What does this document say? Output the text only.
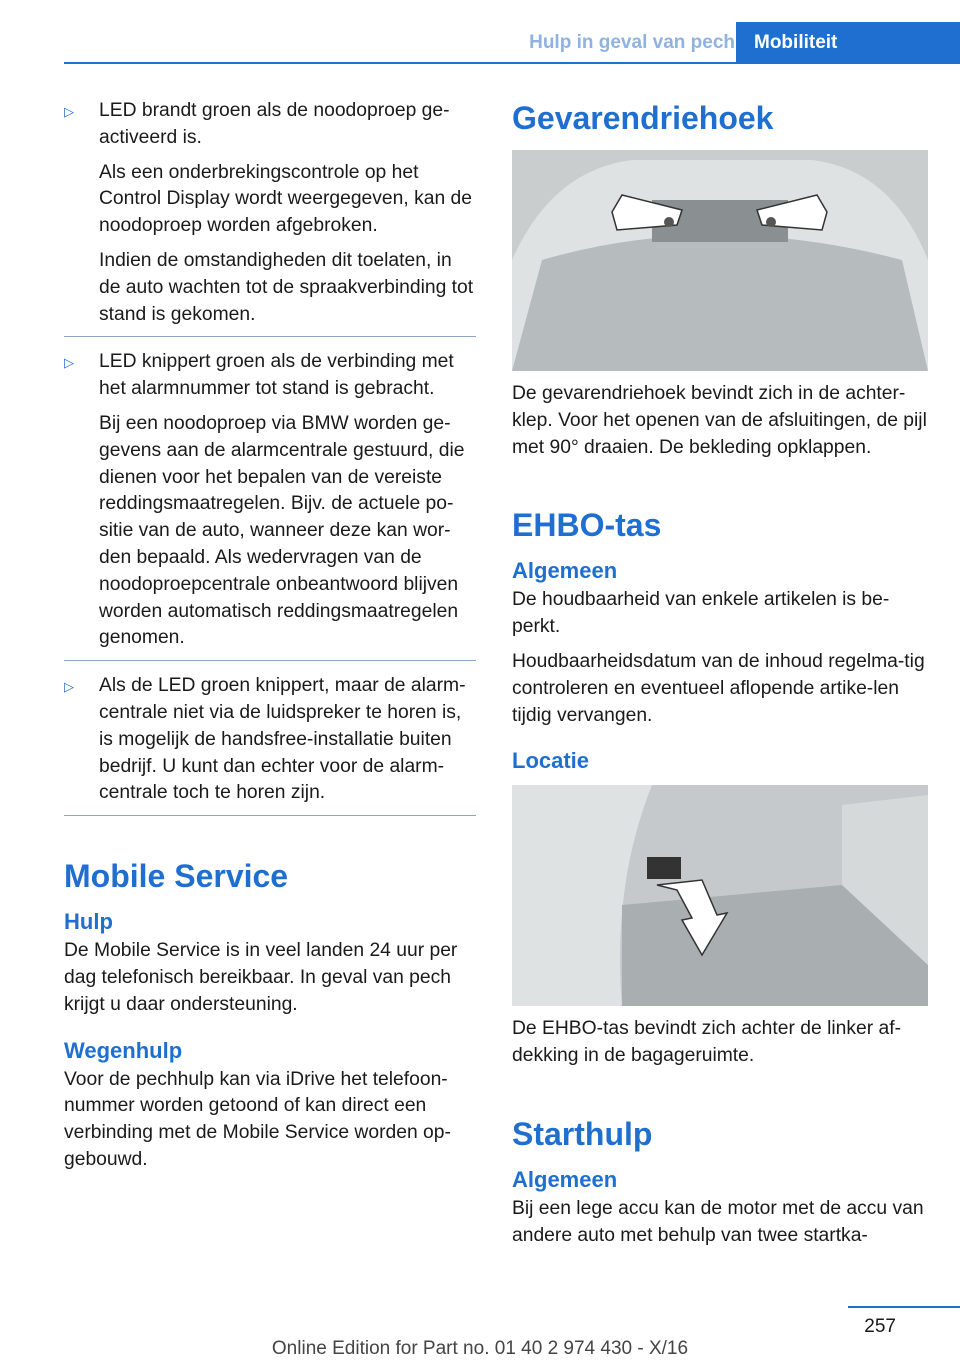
Hulp in geval van pech	Mobiliteit
▷ LED brandt groen als de noodoproep ge-activeerd is.

Als een onderbrekingscontrole op het Control Display wordt weergegeven, kan de noodoproep worden afgebroken.

Indien de omstandigheden dit toelaten, in de auto wachten tot de spraakverbinding tot stand is gekomen.

▷ LED knippert groen als de verbinding met het alarmnummer tot stand is gebracht.

Bij een noodoproep via BMW worden ge-gevens aan de alarmcentrale gestuurd, die dienen voor het bepalen van de vereiste reddingsmaatregelen. Bijv. de actuele po-sitie van de auto, wanneer deze kan wor-den bepaald. Als wedervragen van de noodoproepcentrale onbeantwoord blijven worden automatisch reddingsmaatregelen genomen.

▷ Als de LED groen knippert, maar de alarm-centrale niet via de luidspreker te horen is, is mogelijk de handsfree-installatie buiten bedrijf. U kunt dan echter voor de alarm-centrale toch te horen zijn.

Mobile Service
Hulp

De Mobile Service is in veel landen 24 uur per dag telefonisch bereikbaar. In geval van pech krijgt u daar ondersteuning.

Wegenhulp

Voor de pechhulp kan via iDrive het telefoon-nummer worden getoond of kan direct een verbinding met de Mobile Service worden op-gebouwd.

Gevarendriehoek

De gevarendriehoek bevindt zich in de achter-klep. Voor het openen van de afsluitingen, de pijl met 90° draaien. De bekleding opklappen.

EHBO-tas
Algemeen

De houdbaarheid van enkele artikelen is be-perkt.

Houdbaarheidsdatum van de inhoud regelma-tig controleren en eventueel aflopende artike-len tijdig vervangen.

Locatie

De EHBO-tas bevindt zich achter de linker af-dekking in de bagageruimte.

Starthulp
Algemeen

Bij een lege accu kan de motor met de accu van andere auto met behulp van twee startka-

257
Online Edition for Part no. 01 40 2 974 430 - X/16
